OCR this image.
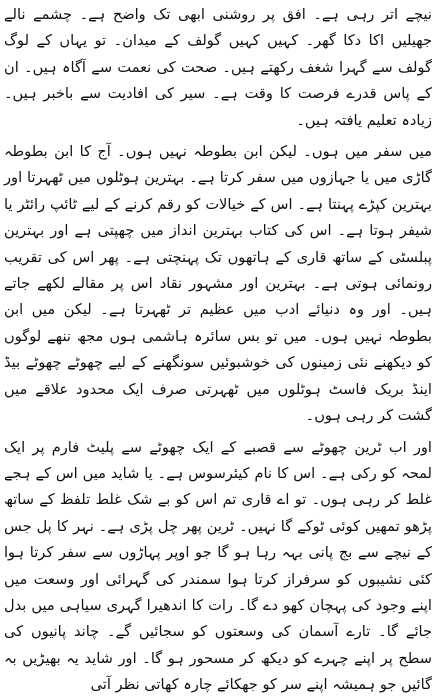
نیچے اتر رہی ہے۔ افق پر روشنی ابھی تک واضح ہے۔ چشمے نالے جھیلیں اکا دکا گھر۔ کہیں کہیں گولف کے میدان۔ تو یہاں کے لوگ گولف سے گہرا شغف رکھتے ہیں۔ صحت کی نعمت سے آگاہ ہیں۔ ان کے پاس قدرے فرصت کا وقت ہے۔ سیر کی افادیت سے باخبر ہیں۔ زیادہ تعلیم یافتہ ہیں۔

میں سفر میں ہوں۔ لیکن ابن بطوطہ نہیں ہوں۔ آج کا ابن بطوطہ گاڑی میں یا جہازوں میں سفر کرتا ہے۔ بہترین ہوٹلوں میں ٹھہرتا اور بہترین کپڑے پہنتا ہے۔ اس کے خیالات کو رقم کرنے کے لیے ٹائپ رائٹر یا شیفر ہوتا ہے۔ اس کی کتاب بہترین انداز میں چھپتی ہے اور بہترین پبلسٹی کے ساتھ قاری کے ہاتھوں تک پہنچتی ہے۔ پھر اس کی تقریب رونمائی ہوتی ہے۔ بہترین اور مشہور نقاد اس پر مقالے لکھے جاتے ہیں۔ اور وہ دنیائے ادب میں عظیم تر ٹھہرتا ہے۔ لیکن میں ابن بطوطہ نہیں ہوں۔ میں تو بس سائرہ ہاشمی ہوں مجھ ننھے لوگوں کو دیکھنے نئی زمینوں کی خوشبوئیں سونگھنے کے لیے چھوٹے چھوٹے بیڈ اینڈ بریک فاسٹ ہوٹلوں میں ٹھہرتی صرف ایک محدود علاقے میں گشت کر رہی ہوں۔

اور اب ٹرین چھوٹے سے قصبے کے ایک چھوٹے سے پلیٹ فارم پر ایک لمحہ کو رکی ہے۔ اس کا نام کیئرسوس ہے۔ یا شاید میں اس کے ہجے غلط کر رہی ہوں۔ تو اے قاری تم اس کو بے شک غلط تلفظ کے ساتھ پڑھو تمھیں کوئی ٹوکے گا نہیں۔ ٹرین پھر چل پڑی ہے۔ نہر کا پل جس کے نیچے سے بج پانی بہہ رہا ہو گا جو اوپر پہاڑوں سے سفر کرتا ہوا کئی نشیبوں کو سرفراز کرتا ہوا سمندر کی گہرائی اور وسعت میں اپنے وجود کی پہچان کھو دے گا۔ رات کا اندھیرا گہری سیاہی میں بدل جائے گا۔ تارے آسمان کی وسعتوں کو سجائیں گے۔ چاند پانیوں کی سطح پر اپنے چہرے کو دیکھ کر مسحور ہو گا۔ اور شاید یہ بھیڑیں بہ گائیں جو ہمیشہ اپنے سر کو جھکائے چارہ کھاتی نظر آتی
